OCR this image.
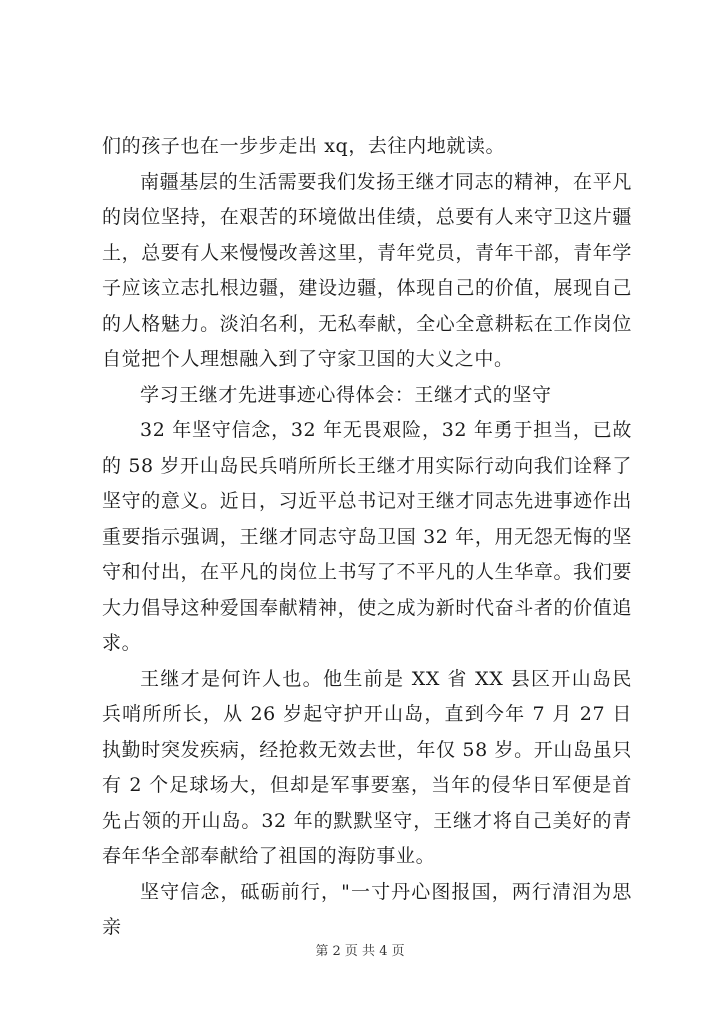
们的孩子也在一步步走出 xq，去往内地就读。

南疆基层的生活需要我们发扬王继才同志的精神，在平凡的岗位坚持，在艰苦的环境做出佳绩，总要有人来守卫这片疆土，总要有人来慢慢改善这里，青年党员，青年干部，青年学子应该立志扎根边疆，建设边疆，体现自己的价值，展现自己的人格魅力。淡泊名利，无私奉献，全心全意耕耘在工作岗位自觉把个人理想融入到了守家卫国的大义之中。

学习王继才先进事迹心得体会：王继才式的坚守

32 年坚守信念，32 年无畏艰险，32 年勇于担当，已故的 58 岁开山岛民兵哨所所长王继才用实际行动向我们诠释了坚守的意义。近日，习近平总书记对王继才同志先进事迹作出重要指示强调，王继才同志守岛卫国 32 年，用无怨无悔的坚守和付出，在平凡的岗位上书写了不平凡的人生华章。我们要大力倡导这种爱国奉献精神，使之成为新时代奋斗者的价值追求。

王继才是何许人也。他生前是 XX 省 XX 县区开山岛民兵哨所所长，从 26 岁起守护开山岛，直到今年 7 月 27 日执勤时突发疾病，经抢救无效去世，年仅 58 岁。开山岛虽只有 2 个足球场大，但却是军事要塞，当年的侵华日军便是首先占领的开山岛。32 年的默默坚守，王继才将自己美好的青春年华全部奉献给了祖国的海防事业。

坚守信念，砥砺前行，"一寸丹心图报国，两行清泪为思亲

第 2 页 共 4 页
